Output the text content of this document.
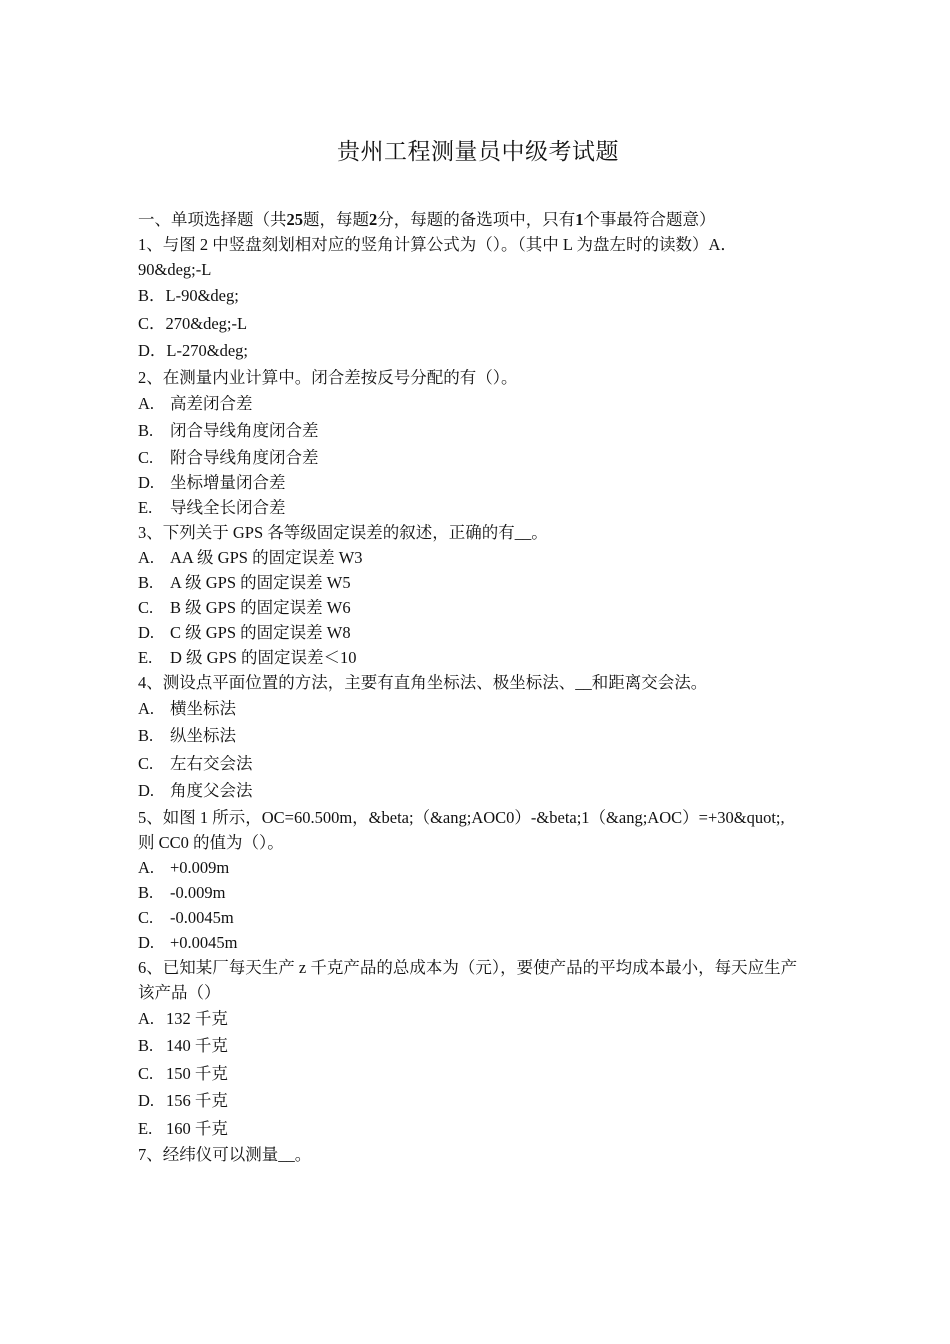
贵州工程测量员中级考试题
一、单项选择题（共25题，每题2分，每题的备选项中，只有1个事最符合题意）
1、与图 2 中竖盘刻划相对应的竖角计算公式为（）。（其中 L 为盘左时的读数）A．90&deg;-L
B． L-90&deg;
C． 270&deg;-L
D． L-270&deg;
2、在测量内业计算中。闭合差按反号分配的有（）。
A. 高差闭合差
B.	闭合导线角度闭合差
C.	附合导线角度闭合差
D. 坐标增量闭合差
E.	导线全长闭合差
3、下列关于 GPS 各等级固定误差的叙述，正确的有__。
A. AA 级 GPS 的固定误差 W3
B.	A 级 GPS 的固定误差 W5
C.	B 级 GPS 的固定误差 W6
D. C 级 GPS 的固定误差 W8
E.	D 级 GPS 的固定误差＜10
4、测设点平面位置的方法，主要有直角坐标法、极坐标法、__和距离交会法。
A. 横坐标法
B.	纵坐标法
C.	左右交会法
D. 角度父会法
5、如图 1 所示，OC=60.500m，&beta;（&ang;AOC0）-&beta;1（&ang;AOC）=+30&quot;, 则 CC0 的值为（）。
A. +0.009m
B.	-0.009m
C.	-0.0045m
D. +0.0045m
6、已知某厂每天生产 z 千克产品的总成本为（元），要使产品的平均成本最小，每天应生产该产品（）
A. 132 千克
B. 140 千克
C. 150 千克
D. 156 千克
E. 160 千克
7、经纬仪可以测量__。
